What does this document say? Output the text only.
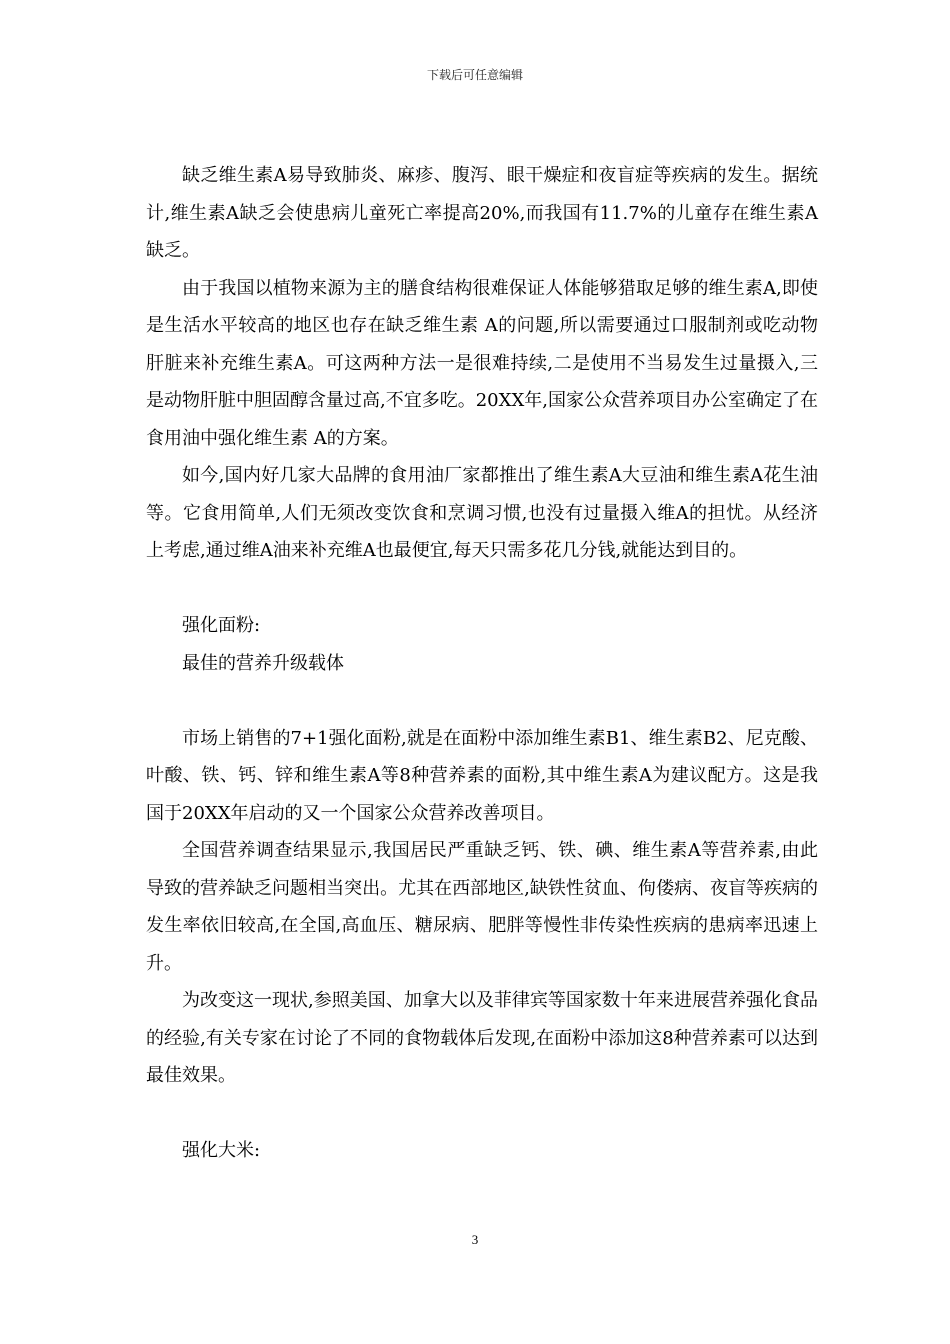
下载后可任意编辑

缺乏维生素A易导致肺炎、麻疹、腹泻、眼干燥症和夜盲症等疾病的发生。据统计,维生素A缺乏会使患病儿童死亡率提高20%,而我国有11.7%的儿童存在维生素A缺乏。

由于我国以植物来源为主的膳食结构很难保证人体能够猎取足够的维生素A,即使是生活水平较高的地区也存在缺乏维生素 A的问题,所以需要通过口服制剂或吃动物肝脏来补充维生素A。可这两种方法一是很难持续,二是使用不当易发生过量摄入,三是动物肝脏中胆固醇含量过高,不宜多吃。20XX年,国家公众营养项目办公室确定了在食用油中强化维生素 A的方案。

如今,国内好几家大品牌的食用油厂家都推出了维生素A大豆油和维生素A花生油等。它食用简单,人们无须改变饮食和烹调习惯,也没有过量摄入维A的担忧。从经济上考虑,通过维A油来补充维A也最便宜,每天只需多花几分钱,就能达到目的。

强化面粉:

最佳的营养升级载体

市场上销售的7+1强化面粉,就是在面粉中添加维生素B1、维生素B2、尼克酸、叶酸、铁、钙、锌和维生素A等8种营养素的面粉,其中维生素A为建议配方。这是我国于20XX年启动的又一个国家公众营养改善项目。

全国营养调查结果显示,我国居民严重缺乏钙、铁、碘、维生素A等营养素,由此导致的营养缺乏问题相当突出。尤其在西部地区,缺铁性贫血、佝偻病、夜盲等疾病的发生率依旧较高,在全国,高血压、糖尿病、肥胖等慢性非传染性疾病的患病率迅速上升。

为改变这一现状,参照美国、加拿大以及菲律宾等国家数十年来进展营养强化食品的经验,有关专家在讨论了不同的食物载体后发现,在面粉中添加这8种营养素可以达到最佳效果。

强化大米:

3
